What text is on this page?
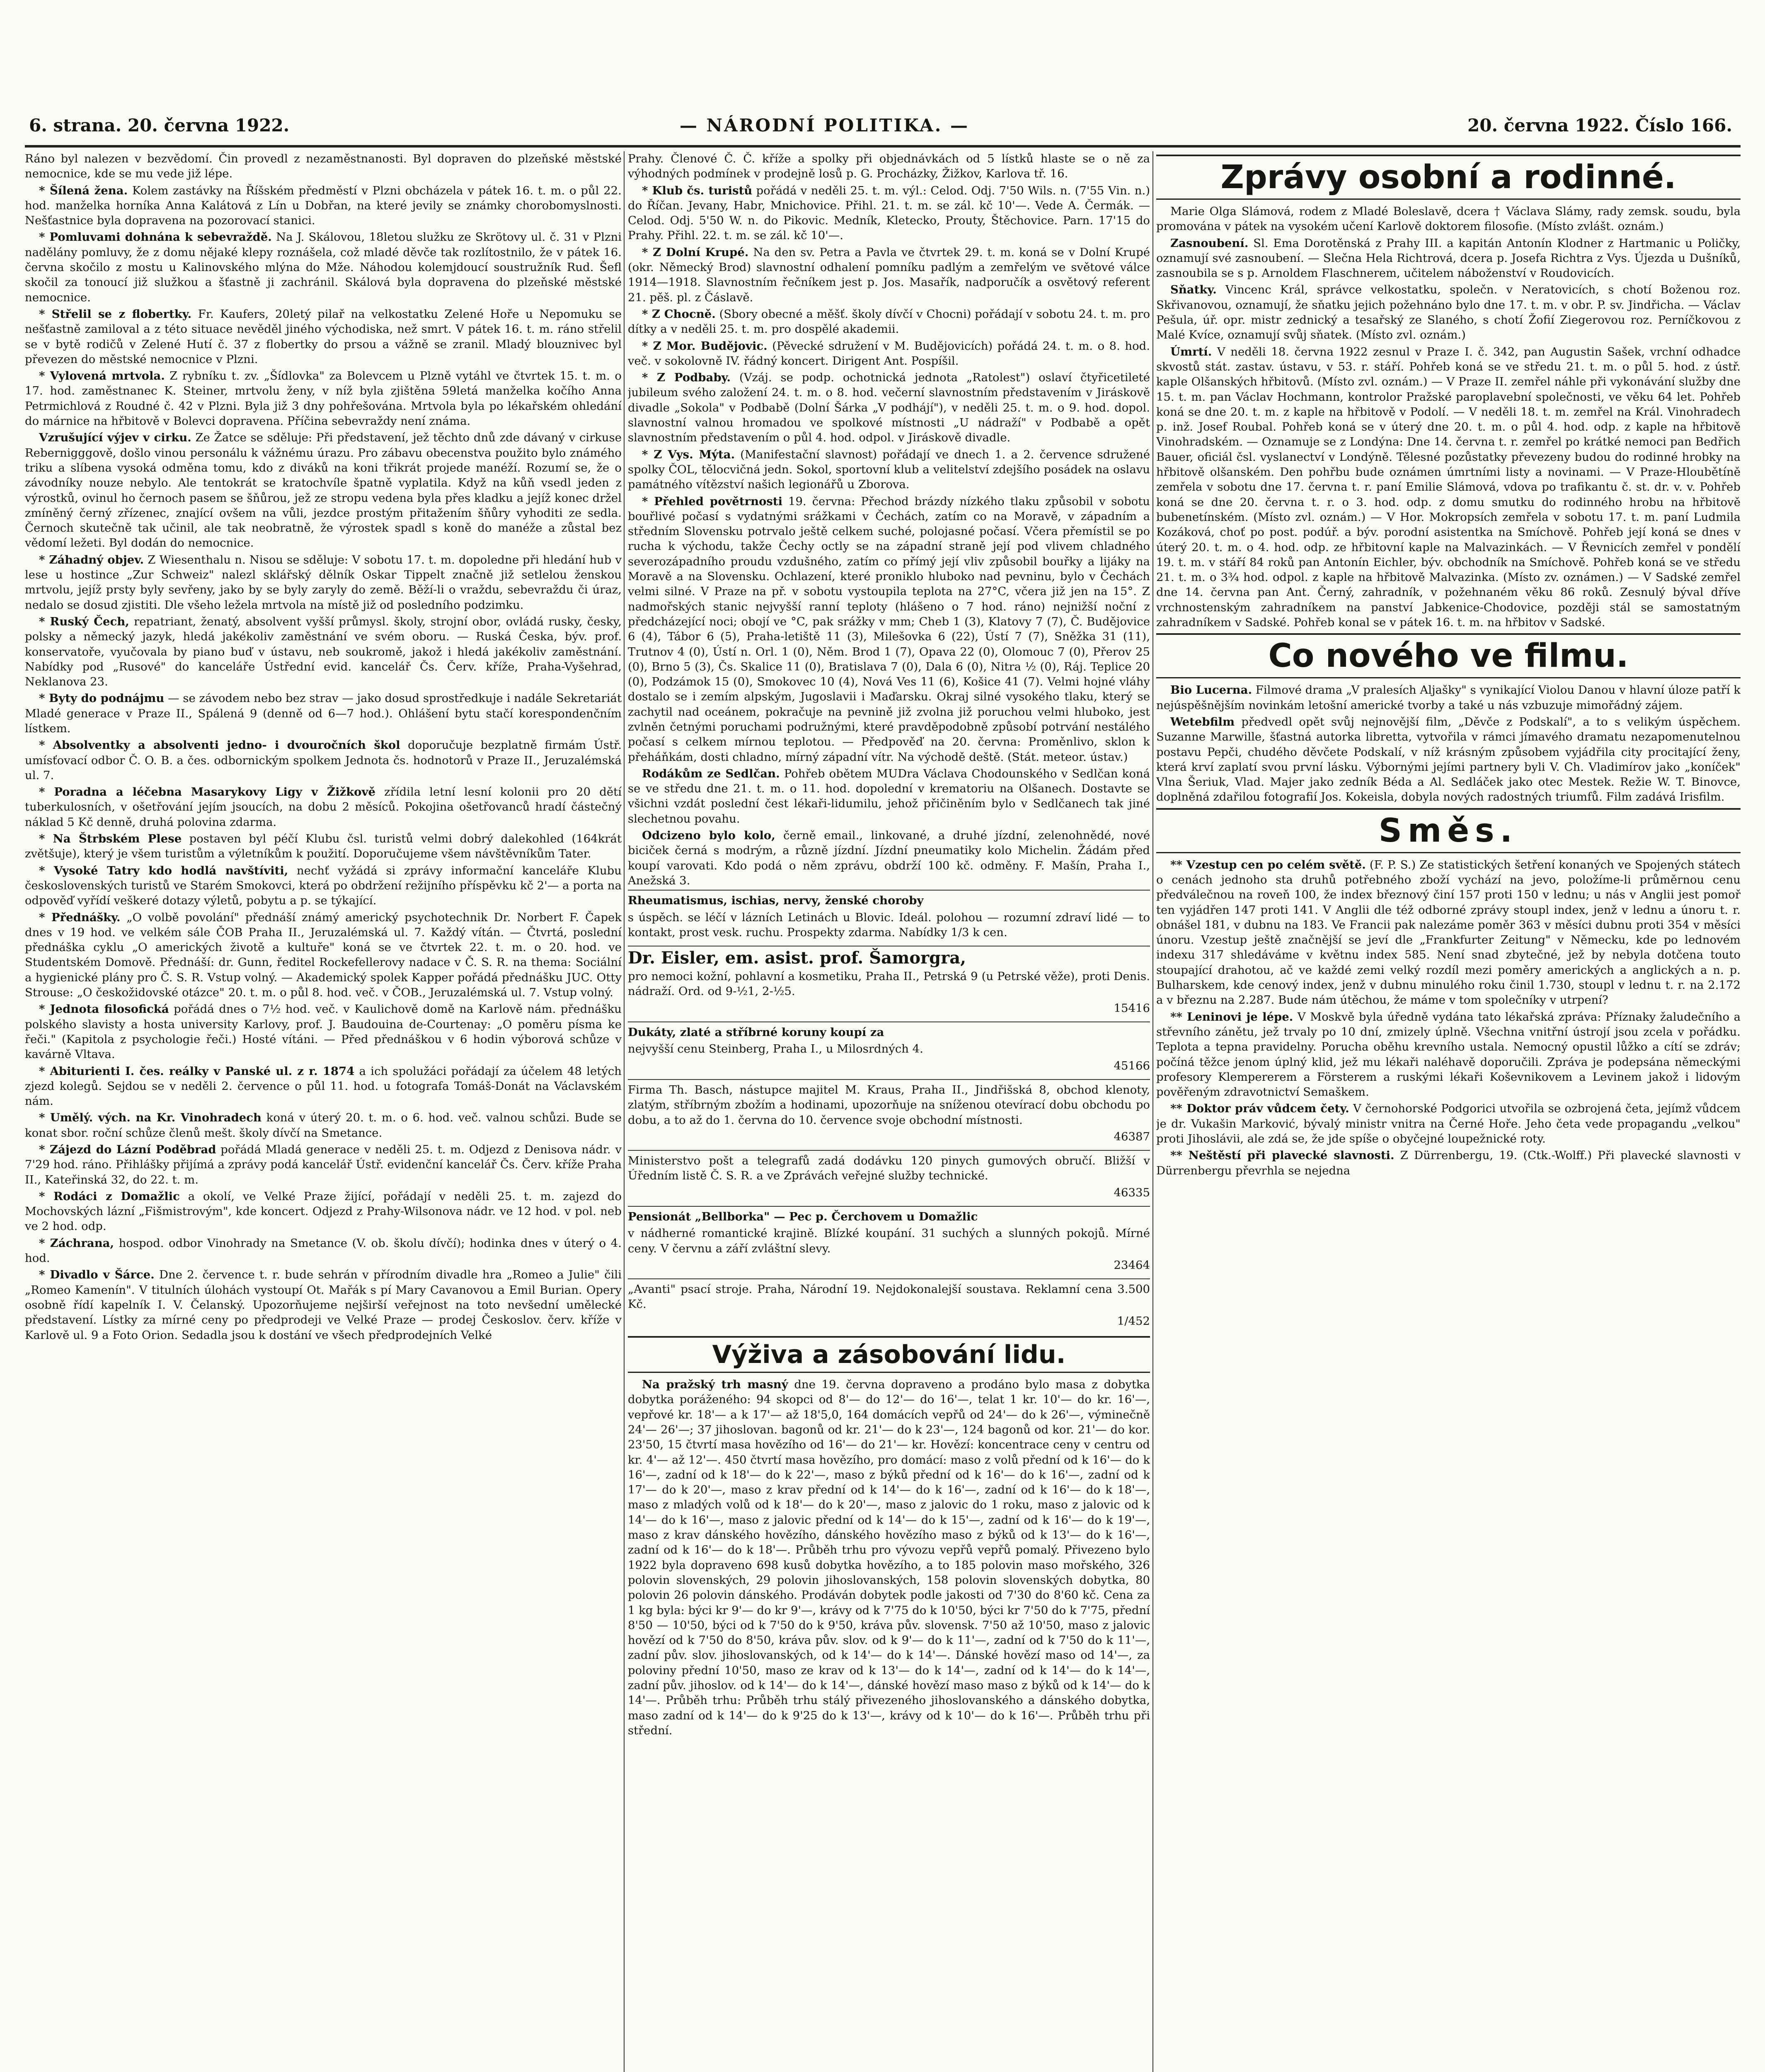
6. strana. 20. června 1922.	— NÁRODNÍ POLITIKA. —	20. června 1922. Číslo 166.

Ráno byl nalezen v bezvědomí. Čin provedl z nezaměstnanosti. Byl dopraven do plzeňské městské nemocnice, kde se mu vede již lépe.

* Šílená žena. Kolem zastávky na Říšském předměstí v Plzni obcházela v pátek 16. t. m. o půl 22. hod. manželka horníka Anna Kalátová z Lín u Dobřan, na které jevily se známky chorobomyslnosti. Nešťastnice byla dopravena na pozorovací stanici.

* Pomluvami dohnána k sebevraždě. Na J. Skálovou, 18letou služku ze Skrötovy ul. č. 31 v Plzni nadělány pomluvy, že z domu nějaké klepy roznášela, což mladé děvče tak rozlítostnilo, že v pátek 16. června skočilo z mostu u Kalinovského mlýna do Mže. Náhodou kolemjdoucí soustružník Rud. Šefl skočil za tonoucí již služkou a šťastně ji zachránil. Skálová byla dopravena do plzeňské městské nemocnice.

* Střelil se z flobertky. Fr. Kaufers, 20letý pilař na velkostatku Zelené Hoře u Nepomuku se nešťastně zamiloval a z této situace nevěděl jiného východiska, než smrt. V pátek 16. t. m. ráno střelil se v bytě rodičů v Zelené Hutí č. 37 z flobertky do prsou a vážně se zranil. Mladý blouznivec byl převezen do městské nemocnice v Plzni.

* Vylovená mrtvola. Z rybníku t. zv. „Šídlovka" za Bolevcem u Plzně vytáhl ve čtvrtek 15. t. m. o 17. hod. zaměstnanec K. Steiner, mrtvolu ženy, v níž byla zjištěna 59letá manželka kočího Anna Petrmichlová z Roudné č. 42 v Plzni. Byla již 3 dny pohřešována. Mrtvola byla po lékařském ohledání do márnice na hřbitově v Bolevci dopravena. Příčina sebevraždy není známa.

Vzrušující výjev v cirku. Ze Žatce se sděluje: Při představení, jež těchto dnů zde dávaný v cirkuse Rebernigggově, došlo vinou personálu k vážnému úrazu. Pro zábavu obecenstva použito bylo známého triku a slíbena vysoká odměna tomu, kdo z diváků na koni třikrát projede manéží. Rozumí se, že o závodníky nouze nebylo. Ale tentokrát se kratochvíle špatně vyplatila. Když na kůň vsedl jeden z výrostků, ovinul ho černoch pasem se šňůrou, jež ze stropu vedena byla přes kladku a jejíž konec držel zmíněný černý zřízenec, znající ovšem na vůli, jezdce prostým přitažením šňůry vyhoditi ze sedla. Černoch skutečně tak učinil, ale tak neobratně, že výrostek spadl s koně do manéže a zůstal bez vědomí ležeti. Byl dodán do nemocnice.

* Záhadný objev. Z Wiesenthalu n. Nisou se sděluje: V sobotu 17. t. m. dopoledne při hledání hub v lese u hostince „Zur Schweiz" nalezl sklářský dělník Oskar Tippelt značně již setlelou ženskou mrtvolu, jejíž prsty byly sevřeny, jako by se byly zaryly do země. Běží-li o vraždu, sebevraždu či úraz, nedalo se dosud zjistiti. Dle všeho ležela mrtvola na místě již od posledního podzimku.

* Ruský Čech, repatriant, ženatý, absolvent vyšší průmysl. školy, strojní obor, ovládá rusky, česky, polsky a německý jazyk, hledá jakékoliv zaměstnání ve svém oboru. — Ruská Česka, býv. prof. konservatoře, vyučovala by piano buď v ústavu, neb soukromě, jakož i hledá jakékoliv zaměstnání. Nabídky pod „Rusové" do kanceláře Ústřední evid. kancelář Čs. Červ. kříže, Praha-Vyšehrad, Neklanova 23.

* Byty do podnájmu — se závodem nebo bez strav — jako dosud sprostředkuje i nadále Sekretariát Mladé generace v Praze II., Spálená 9 (denně od 6—7 hod.). Ohlášení bytu stačí korespondenčním lístkem.

* Absolventky a absolventi jedno- i dvouročních škol doporučuje bezplatně firmám Ústř. umísťovací odbor Č. O. B. a čes. odbornickým spolkem Jednota čs. hodnotorů v Praze II., Jeruzalémská ul. 7.

* Poradna a léčebna Masarykovy Ligy v Žižkově zřídila letní lesní kolonii pro 20 dětí tuberkulosních, v ošetřování jejím jsoucích, na dobu 2 měsíců. Pokojina ošetřovanců hradí částečný náklad 5 Kč denně, druhá polovina zdarma.

* Na Štrbském Plese postaven byl péčí Klubu čsl. turistů velmi dobrý dalekohled (164krát zvětšuje), který je všem turistům a výletníkům k použití. Doporučujeme všem návštěvníkům Tater.

* Vysoké Tatry kdo hodlá navštíviti, nechť vyžádá si zprávy informační kanceláře Klubu československých turistů ve Starém Smokovci, která po obdržení režijního příspěvku kč 2'— a porta na odpověď vyřídí veškeré dotazy výletů, pobytu a p. se týkající.

* Přednášky. „O volbě povolání" přednáší známý americký psychotechnik Dr. Norbert F. Čapek dnes v 19 hod. ve velkém sále ČOB Praha II., Jeruzalémská ul. 7. Každý vítán. — Čtvrtá, poslední přednáška cyklu „O amerických životě a kultuře" koná se ve čtvrtek 22. t. m. o 20. hod. ve Studentském Domově. Přednáší: dr. Gunn, ředitel Rockefellerovy nadace v Č. S. R. na thema: Sociální a hygienické plány pro Č. S. R. Vstup volný. — Akademický spolek Kapper pořádá přednášku JUC. Otty Strouse: „O českožidovské otázce" 20. t. m. o půl 8. hod. več. v ČOB., Jeruzalémská ul. 7. Vstup volný.

* Jednota filosofická pořádá dnes o 7½ hod. več. v Kaulichově domě na Karlově nám. přednášku polského slavisty a hosta university Karlovy, prof. J. Baudouina de-Courtenay: „O poměru písma ke řeči." (Kapitola z psychologie řeči.) Hosté vítáni. — Před přednáškou v 6 hodin výborová schůze v kavárně Vltava.

* Abiturienti I. čes. reálky v Panské ul. z r. 1874 a ich spolužáci pořádají za účelem 48 letých zjezd kolegů. Sejdou se v neděli 2. července o půl 11. hod. u fotografa Tomáš-Donát na Václavském nám.

* Umělý. vých. na Kr. Vinohradech koná v úterý 20. t. m. o 6. hod. več. valnou schůzi. Bude se konat sbor. roční schůze členů mešt. školy dívčí na Smetance.

* Zájezd do Lázní Poděbrad pořádá Mladá generace v neděli 25. t. m. Odjezd z Denisova nádr. v 7'29 hod. ráno. Přihlášky přijímá a zprávy podá kancelář Ústř. evidenční kancelář Čs. Červ. kříže Praha II., Kateřinská 32, do 22. t. m.

* Rodáci z Domažlic a okolí, ve Velké Praze žijící, pořádají v neděli 25. t. m. zajezd do Mochovských lázní „Fišmistrovým", kde koncert. Odjezd z Prahy-Wilsonova nádr. ve 12 hod. v pol. neb ve 2 hod. odp.

* Záchrana, hospod. odbor Vinohrady na Smetance (V. ob. školu dívčí); hodinka dnes v úterý o 4. hod.

* Divadlo v Šárce. Dne 2. července t. r. bude sehrán v přírodním divadle hra „Romeo a Julie" čili „Romeo Kamenín". V titulních úlohách vystoupí Ot. Mařák s pí Mary Cavanovou a Emil Burian. Opery osobně řídí kapelník I. V. Čelanský. Upozorňujeme nejširší veřejnost na toto nevšední umělecké představení. Lístky za mírné ceny po předprodeji ve Velké Praze — prodej Českoslov. červ. kříže v Karlově ul. 9 a Foto Orion. Sedadla jsou k dostání ve všech předprodejních Velké

Prahy. Členové Č. Č. kříže a spolky při objednávkách od 5 lístků hlaste se o ně za výhodných podmínek v prodejně losů p. G. Procházky, Žižkov, Karlova tř. 16.

* Klub čs. turistů pořádá v neděli 25. t. m. výl.: Celod. Odj. 7'50 Wils. n. (7'55 Vin. n.) do Říčan. Jevany, Habr, Mnichovice. Přihl. 21. t. m. se zál. kč 10'—. Vede A. Čermák. — Celod. Odj. 5'50 W. n. do Pikovic. Medník, Kletecko, Prouty, Štěchovice. Parn. 17'15 do Prahy. Přihl. 22. t. m. se zál. kč 10'—.

* Z Dolní Krupé. Na den sv. Petra a Pavla ve čtvrtek 29. t. m. koná se v Dolní Krupé (okr. Německý Brod) slavnostní odhalení pomníku padlým a zemřelým ve světové válce 1914—1918. Slavnostním řečníkem jest p. Jos. Masařík, nadporučík a osvětový referent 21. pěš. pl. z Čáslavě.

* Z Chocně. (Sbory obecné a měšť. školy dívčí v Chocni) pořádají v sobotu 24. t. m. pro dítky a v neděli 25. t. m. pro dospělé akademii.

* Z Mor. Budějovic. (Pěvecké sdružení v M. Budějovicích) pořádá 24. t. m. o 8. hod. več. v sokolovně IV. řádný koncert. Dirigent Ant. Pospíšil.

* Z Podbaby. (Vzáj. se podp. ochotnická jednota „Ratolest") oslaví čtyřicetileté jubileum svého založení 24. t. m. o 8. hod. večerní slavnostním představením v Jiráskově divadle „Sokola" v Podbabě (Dolní Šárka „V podhájí"), v neděli 25. t. m. o 9. hod. dopol. slavnostní valnou hromadou ve spolkové místnosti „U nádraží" v Podbabě a opět slavnostním představením o půl 4. hod. odpol. v Jiráskově divadle.

* Z Vys. Mýta. (Manifestační slavnost) pořádají ve dnech 1. a 2. července sdružené spolky ČOL, tělocvičná jedn. Sokol, sportovní klub a velitelství zdejšího posádek na oslavu památného vítězství našich legionářů u Zborova.

* Přehled povětrnosti 19. června: Přechod brázdy nízkého tlaku způsobil v sobotu bouřlivé počasí s vydatnými srážkami v Čechách, zatím co na Moravě, v západním a středním Slovensku potrvalo ještě celkem suché, polojasné počasí. Včera přemístil se po rucha k východu, takže Čechy octly se na západní straně její pod vlivem chladného severozápadního proudu vzdušného, zatím co přímý její vliv způsobil bouřky a lijáky na Moravě a na Slovensku. Ochlazení, které proniklo hluboko nad pevninu, bylo v Čechách velmi silné. V Praze na př. v sobotu vystoupila teplota na 27°C, včera již jen na 15°. Z nadmořských stanic nejvyšší ranní teploty (hlášeno o 7 hod. ráno) nejnižší noční z předcházející noci; obojí ve °C, pak srážky v mm; Cheb 1 (3), Klatovy 7 (7), Č. Budějovice 6 (4), Tábor 6 (5), Praha-letiště 11 (3), Milešovka 6 (22), Ústí 7 (7), Sněžka 31 (11), Trutnov 4 (0), Ústí n. Orl. 1 (0), Něm. Brod 1 (7), Opava 22 (0), Olomouc 7 (0), Přerov 25 (0), Brno 5 (3), Čs. Skalice 11 (0), Bratislava 7 (0), Dala 6 (0), Nitra ½ (0), Ráj. Teplice 20 (0), Podzámok 15 (0), Smokovec 10 (4), Nová Ves 11 (6), Košice 41 (7). Velmi hojné vláhy dostalo se i zemím alpským, Jugoslavii i Maďarsku. Okraj silné vysokého tlaku, který se zachytil nad oceánem, pokračuje na pevnině již zvolna již poruchou velmi hluboko, jest zvlněn četnými poruchami podružnými, které pravděpodobně způsobí potrvání nestálého počasí s celkem mírnou teplotou. — Předpověď na 20. června: Proměnlivo, sklon k přeháňkám, dosti chladno, mírný západní vítr. Na východě deště. (Stát. meteor. ústav.)

Rodákům ze Sedlčan. Pohřeb obětem MUDra Václava Chodounského v Sedlčan koná se ve středu dne 21. t. m. o 11. hod. dopolední v krematoriu na Olšanech. Dostavte se všichni vzdát poslední čest lékaři-lidumilu, jehož přičiněním bylo v Sedlčanech tak jiné slechetnou povahu.

Odcizeno bylo kolo, černě email., linkované, a druhé jízdní, zelenohnědé, nové biciček černá s modrým, a různě jízdní. Jízdní pneumatiky kolo Michelin. Žádám před koupí varovati. Kdo podá o něm zprávu, obdrží 100 kč. odměny. F. Mašín, Praha I., Anežská 3.

Rheumatismus, ischias, nervy, ženské choroby

s úspěch. se léčí v lázních Letinách u Blovic. Ideál. polohou — rozumní zdraví lidé — to kontakt, prost vesk. ruchu. Prospekty zdarma. Nabídky 1/3 k cen.

Dr. Eisler, em. asist. prof. Šamorgra,

pro nemoci kožní, pohlavní a kosmetiku, Praha II., Petrská 9 (u Petrské věže), proti Denis. nádraží. Ord. od 9-½1, 2-½5.

15416

Dukáty, zlaté a stříbrné koruny koupí za

nejvyšší cenu Steinberg, Praha I., u Milosrdných 4.

45166

Firma Th. Basch, nástupce majitel M. Kraus, Praha II., Jindřišská 8, obchod klenoty, zlatým, stříbrným zbožím a hodinami, upozorňuje na sníženou otevírací dobu obchodu po dobu, a to až do 1. června do 10. července svoje obchodní místnosti.

46387

Ministerstvo pošt a telegrafů zadá dodávku 120 pinych gumových obručí. Bližší v Úředním listě Č. S. R. a ve Zprávách veřejné služby technické.

46335

Pensionát „Bellborka" — Pec p. Čerchovem u Domažlic

v nádherné romantické krajině. Blízké koupání. 31 suchých a slunných pokojů. Mírné ceny. V červnu a září zvláštní slevy.

23464

„Avanti" psací stroje. Praha, Národní 19. Nejdokonalejší soustava. Reklamní cena 3.500 Kč.

1/452

Výživa a zásobování lidu.

Na pražský trh masný dne 19. června dopraveno a prodáno bylo masa z dobytka dobytka poráženého: 94 skopci od 8'— do 12'— do 16'—, telat 1 kr. 10'— do kr. 16'—, vepřové kr. 18'— a k 17'— až 18'5,0, 164 domácích vepřů od 24'— do k 26'—, výminečně 24'— 26'—; 37 jihoslovan. bagonů od kr. 21'— do k 23'—, 124 bagonů od kor. 21'— do kor. 23'50, 15 čtvrtí masa hovězího od 16'— do 21'— kr. Hovězí: koncentrace ceny v centru od kr. 4'— až 12'—. 450 čtvrtí masa hovězího, pro domácí: maso z volů přední od k 16'— do k 16'—, zadní od k 18'— do k 22'—, maso z býků přední od k 16'— do k 16'—, zadní od k 17'— do k 20'—, maso z krav přední od k 14'— do k 16'—, zadní od k 16'— do k 18'—, maso z mladých volů od k 18'— do k 20'—, maso z jalovic do 1 roku, maso z jalovic od k 14'— do k 16'—, maso z jalovic přední od k 14'— do k 15'—, zadní od k 16'— do k 19'—, maso z krav dánského hovězího, dánského hovězího maso z býků od k 13'— do k 16'—, zadní od k 16'— do k 18'—. Průběh trhu pro vývozu vepřů vepřů pomalý. Přivezeno bylo 1922 byla dopraveno 698 kusů dobytka hovězího, a to 185 polovin maso mořského, 326 polovin slovenských, 29 polovin jihoslovanských, 158 polovin slovenských dobytka, 80 polovin 26 polovin dánského. Prodáván dobytek podle jakosti od 7'30 do 8'60 kč. Cena za 1 kg byla: býci kr 9'— do kr 9'—, krávy od k 7'75 do k 10'50, býci kr 7'50 do k 7'75, přední 8'50 — 10'50, býci od k 7'50 do k 9'50, kráva pův. slovensk. 7'50 až 10'50, maso z jalovic hovězí od k 7'50 do 8'50, kráva pův. slov. od k 9'— do k 11'—, zadní od k 7'50 do k 11'—, zadní pův. slov. jihoslovanských, od k 14'— do k 14'—. Dánské hovězí maso od 14'—, za poloviny přední 10'50, maso ze krav od k 13'— do k 14'—, zadní od k 14'— do k 14'—, zadní pův. jihoslov. od k 14'— do k 14'—, dánské hovězí maso maso z býků od k 14'— do k 14'—. Průběh trhu: Průběh trhu stálý přivezeného jihoslovanského a dánského dobytka, maso zadní od k 14'— do k 9'25 do k 13'—, krávy od k 10'— do k 16'—. Průběh trhu při střední.

Zprávy osobní a rodinné.

Marie Olga Slámová, rodem z Mladé Boleslavě, dcera † Václava Slámy, rady zemsk. soudu, byla promována v pátek na vysokém učení Karlově doktorem filosofie. (Místo zvlášt. oznám.)

Zasnoubení. Sl. Ema Dorotěnská z Prahy III. a kapitán Antonín Klodner z Hartmanic u Poličky, oznamují své zasnoubení. — Slečna Hela Richtrová, dcera p. Josefa Richtra z Vys. Újezda u Dušníků, zasnoubila se s p. Arnoldem Flaschnerem, učitelem náboženství v Roudovicích.

Sňatky. Vincenc Král, správce velkostatku, společn. v Neratovicích, s chotí Boženou roz. Skřivanovou, oznamují, že sňatku jejich požehnáno bylo dne 17. t. m. v obr. P. sv. Jindřicha. — Václav Pešula, úř. opr. mistr zednický a tesařský ze Slaného, s chotí Žofií Ziegerovou roz. Perníčkovou z Malé Kvíce, oznamují svůj sňatek. (Místo zvl. oznám.)

Úmrtí. V neděli 18. června 1922 zesnul v Praze I. č. 342, pan Augustin Sašek, vrchní odhadce skvostů stát. zastav. ústavu, v 53. r. stáří. Pohřeb koná se ve středu 21. t. m. o půl 5. hod. z ústř. kaple Olšanských hřbitovů. (Místo zvl. oznám.) — V Praze II. zemřel náhle při vykonávání služby dne 15. t. m. pan Václav Hochmann, kontrolor Pražské paroplavební společnosti, ve věku 64 let. Pohřeb koná se dne 20. t. m. z kaple na hřbitově v Podolí. — V neděli 18. t. m. zemřel na Král. Vinohradech p. inž. Josef Roubal. Pohřeb koná se v úterý dne 20. t. m. o půl 4. hod. odp. z kaple na hřbitově Vinohradském. — Oznamuje se z Londýna: Dne 14. června t. r. zemřel po krátké nemoci pan Bedřich Bauer, oficiál čsl. vyslanectví v Londýně. Tělesné pozůstatky převezeny budou do rodinné hrobky na hřbitově olšanském. Den pohřbu bude oznámen úmrtními listy a novinami. — V Praze-Hloubětíně zemřela v sobotu dne 17. června t. r. paní Emilie Slámová, vdova po trafikantu č. st. dr. v. v. Pohřeb koná se dne 20. června t. r. o 3. hod. odp. z domu smutku do rodinného hrobu na hřbitově bubenetínském. (Místo zvl. oznám.) — V Hor. Mokropsích zemřela v sobotu 17. t. m. paní Ludmila Kozáková, choť po post. podúř. a býv. porodní asistentka na Smíchově. Pohřeb její koná se dnes v úterý 20. t. m. o 4. hod. odp. ze hřbitovní kaple na Malvazinkách. — V Řevnicích zemřel v pondělí 19. t. m. v stáří 84 roků pan Antonín Eichler, býv. obchodník na Smíchově. Pohřeb koná se ve středu 21. t. m. o 3¾ hod. odpol. z kaple na hřbitově Malvazinka. (Místo zv. oznámen.) — V Sadské zemřel dne 14. června pan Ant. Černý, zahradník, v požehnaném věku 86 roků. Zesnulý býval dříve vrchnostenským zahradníkem na panství Jabkenice-Chodovice, později stál se samostatným zahradníkem v Sadské. Pohřeb konal se v pátek 16. t. m. na hřbitov v Sadské.

Co nového ve filmu.

Bio Lucerna. Filmové drama „V pralesích Aljašky" s vynikající Violou Danou v hlavní úloze patří k nejúspěšnějším novinkám letošní americké tvorby a také u nás vzbuzuje mimořádný zájem.

Wetebfilm předvedl opět svůj nejnovější film, „Děvče z Podskalí", a to s velikým úspěchem. Suzanne Marwille, šťastná autorka libretta, vytvořila v rámci jímavého dramatu nezapomenutelnou postavu Pepči, chudého děvčete Podskalí, v níž krásným způsobem vyjádřila city procitající ženy, která krví zaplatí svou první lásku. Výbornými jejími partnery byli V. Ch. Vladimírov jako „koníček" Vlna Šeriuk, Vlad. Majer jako zedník Béda a Al. Sedláček jako otec Mestek. Režie W. T. Binovce, doplněná zdařilou fotografií Jos. Kokeisla, dobyla nových radostných triumfů. Film zadává Irisfilm.

Směs.

** Vzestup cen po celém světě. (F. P. S.) Ze statistických šetření konaných ve Spojených státech o cenách jednoho sta druhů potřebného zboží vychází na jevo, položíme-li průměrnou cenu předválečnou na roveň 100, že index březnový činí 157 proti 150 v lednu; u nás v Anglii jest pomoř ten vyjádřen 147 proti 141. V Anglii dle též odborné zprávy stoupl index, jenž v lednu a únoru t. r. obnášel 181, v dubnu na 183. Ve Francii pak nalezáme poměr 363 v měsíci dubnu proti 354 v měsíci únoru. Vzestup ještě značnější se jeví dle „Frankfurter Zeitung" v Německu, kde po lednovém indexu 317 shledáváme v květnu index 585. Není snad zbytečné, jež by nebyla dotčena touto stoupající drahotou, ač ve každé zemi velký rozdíl mezi poměry amerických a anglických a n. p. Bulharskem, kde cenový index, jenž v dubnu minulého roku činil 1.730, stoupl v lednu t. r. na 2.172 a v březnu na 2.287. Bude nám útěchou, že máme v tom společníky v utrpení?

** Leninovi je lépe. V Moskvě byla úředně vydána tato lékařská zpráva: Příznaky žaludečního a střevního zánětu, jež trvaly po 10 dní, zmizely úplně. Všechna vnitřní ústrojí jsou zcela v pořádku. Teplota a tepna pravidelny. Porucha oběhu krevního ustala. Nemocný opustil lůžko a cítí se zdráv; počíná těžce jenom úplný klid, jež mu lékaři naléhavě doporučili. Zpráva je podepsána německými profesory Klempererem a Försterem a ruskými lékaři Koševnikovem a Levinem jakož i lidovým pověřeným zdravotnictví Semaškem.

** Doktor práv vůdcem čety. V černohorské Podgorici utvořila se ozbrojená četa, jejímž vůdcem je dr. Vukašin Marković, bývalý ministr vnitra na Černé Hoře. Jeho četa vede propagandu „velkou" proti Jihoslávii, ale zdá se, že jde spíše o obyčejné loupežnické roty.

** Neštěstí při plavecké slavnosti. Z Dürrenbergu, 19. (Ctk.-Wolff.) Při plavecké slavnosti v Dürrenbergu převrhla se nejedna
